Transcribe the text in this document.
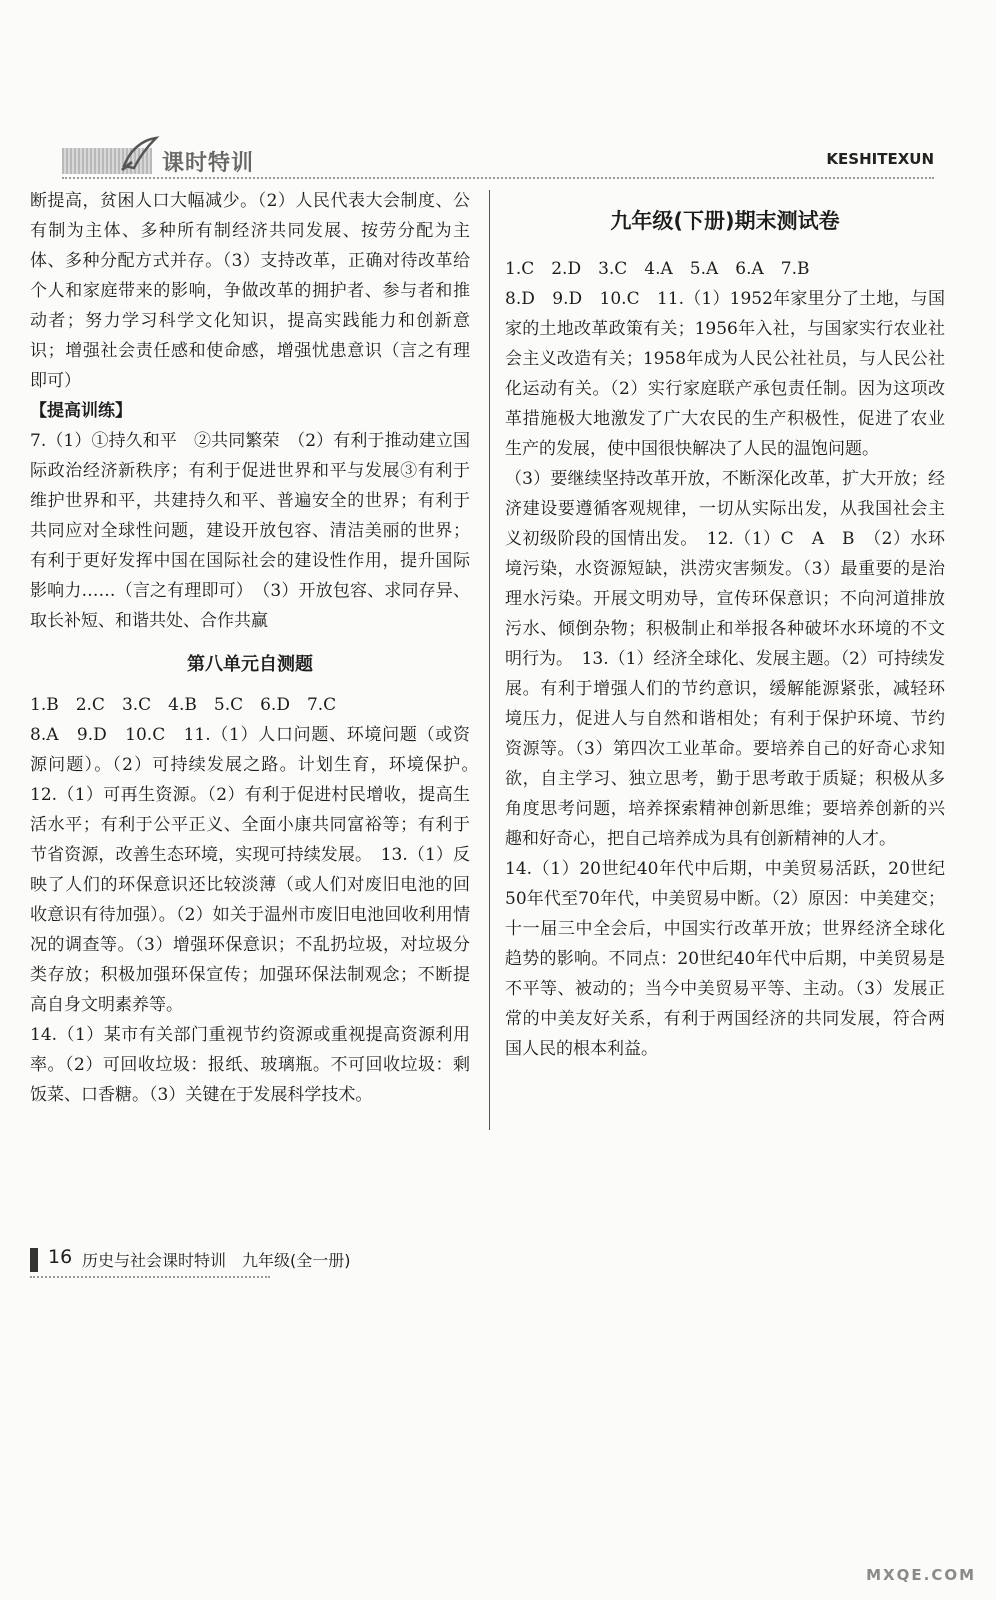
课时特训	KESHITEXUN

断提高，贫困人口大幅减少。（2）人民代表大会制度、公有制为主体、多种所有制经济共同发展、按劳分配为主体、多种分配方式并存。（3）支持改革，正确对待改革给个人和家庭带来的影响，争做改革的拥护者、参与者和推动者；努力学习科学文化知识，提高实践能力和创新意识；增强社会责任感和使命感，增强忧患意识（言之有理即可）

【提高训练】

7.（1）①持久和平　②共同繁荣　（2）有利于推动建立国际政治经济新秩序；有利于促进世界和平与发展③有利于维护世界和平，共建持久和平、普遍安全的世界；有利于共同应对全球性问题，建设开放包容、清洁美丽的世界；有利于更好发挥中国在国际社会的建设性作用，提升国际影响力……（言之有理即可）　（3）开放包容、求同存异、取长补短、和谐共处、合作共赢

第八单元自测题

1.B　2.C　3.C　4.B　5.C　6.D　7.C

8.A　9.D　10.C　11.（1）人口问题、环境问题（或资源问题）。（2）可持续发展之路。计划生育，环境保护。　12.（1）可再生资源。（2）有利于促进村民增收，提高生活水平；有利于公平正义、全面小康共同富裕等；有利于节省资源，改善生态环境，实现可持续发展。　13.（1）反映了人们的环保意识还比较淡薄（或人们对废旧电池的回收意识有待加强）。（2）如关于温州市废旧电池回收利用情况的调查等。（3）增强环保意识；不乱扔垃圾，对垃圾分类存放；积极加强环保宣传；加强环保法制观念；不断提高自身文明素养等。

14.（1）某市有关部门重视节约资源或重视提高资源利用率。（2）可回收垃圾：报纸、玻璃瓶。不可回收垃圾：剩饭菜、口香糖。（3）关键在于发展科学技术。

九年级(下册)期末测试卷

1.C　2.D　3.C　4.A　5.A　6.A　7.B

8.D　9.D　10.C　11.（1）1952年家里分了土地，与国家的土地改革政策有关；1956年入社，与国家实行农业社会主义改造有关；1958年成为人民公社社员，与人民公社化运动有关。（2）实行家庭联产承包责任制。因为这项改革措施极大地激发了广大农民的生产积极性，促进了农业生产的发展，使中国很快解决了人民的温饱问题。

（3）要继续坚持改革开放，不断深化改革，扩大开放；经济建设要遵循客观规律，一切从实际出发，从我国社会主义初级阶段的国情出发。　12.（1）C　A　B　（2）水环境污染，水资源短缺，洪涝灾害频发。（3）最重要的是治理水污染。开展文明劝导，宣传环保意识；不向河道排放污水、倾倒杂物；积极制止和举报各种破坏水环境的不文明行为。　13.（1）经济全球化、发展主题。（2）可持续发展。有利于增强人们的节约意识，缓解能源紧张，减轻环境压力，促进人与自然和谐相处；有利于保护环境、节约资源等。（3）第四次工业革命。要培养自己的好奇心求知欲，自主学习、独立思考，勤于思考敢于质疑；积极从多角度思考问题，培养探索精神创新思维；要培养创新的兴趣和好奇心，把自己培养成为具有创新精神的人才。

14.（1）20世纪40年代中后期，中美贸易活跃，20世纪50年代至70年代，中美贸易中断。（2）原因：中美建交；十一届三中全会后，中国实行改革开放；世界经济全球化趋势的影响。不同点：20世纪40年代中后期，中美贸易是不平等、被动的；当今中美贸易平等、主动。（3）发展正常的中美友好关系，有利于两国经济的共同发展，符合两国人民的根本利益。

16 历史与社会课时特训　九年级(全一册)
MXQE.COM
